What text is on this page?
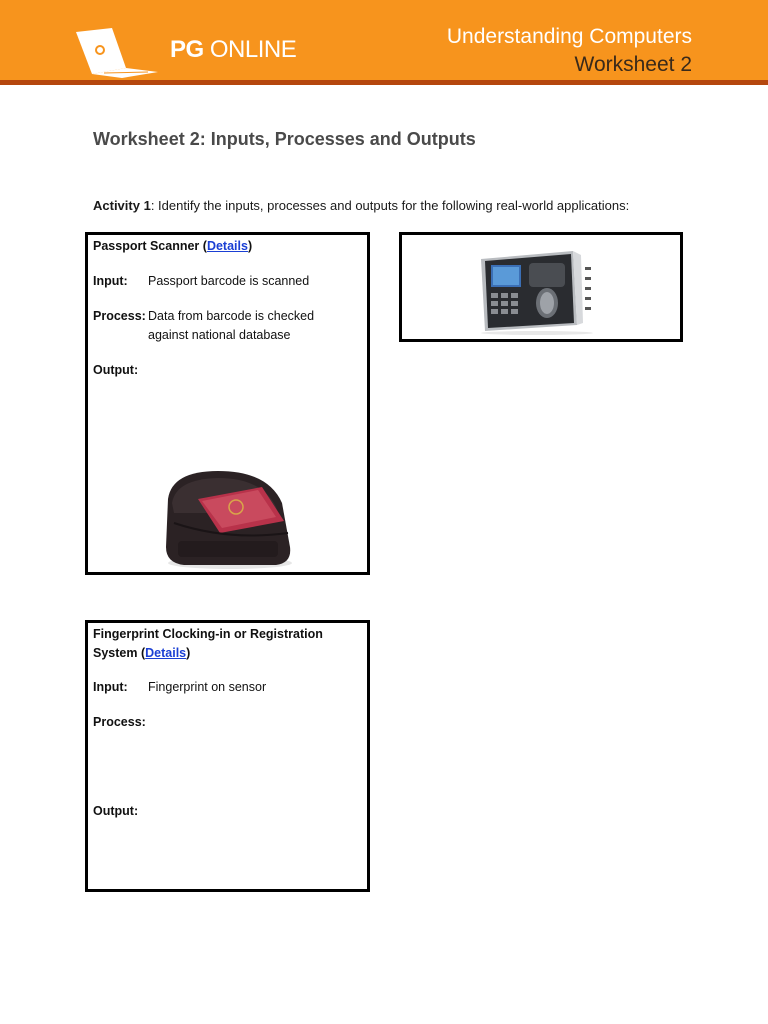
PG ONLINE	Understanding Computers
Worksheet 2
Worksheet 2: Inputs, Processes and Outputs
Activity 1: Identify the inputs, processes and outputs for the following real-world applications:
Passport Scanner (Details)
Input:	Passport barcode is scanned
Process: Data from barcode is checked
against national database
Output:
Fingerprint Clocking-in or Registration
System (Details)
Input:	Fingerprint on sensor
Process:
Output:
